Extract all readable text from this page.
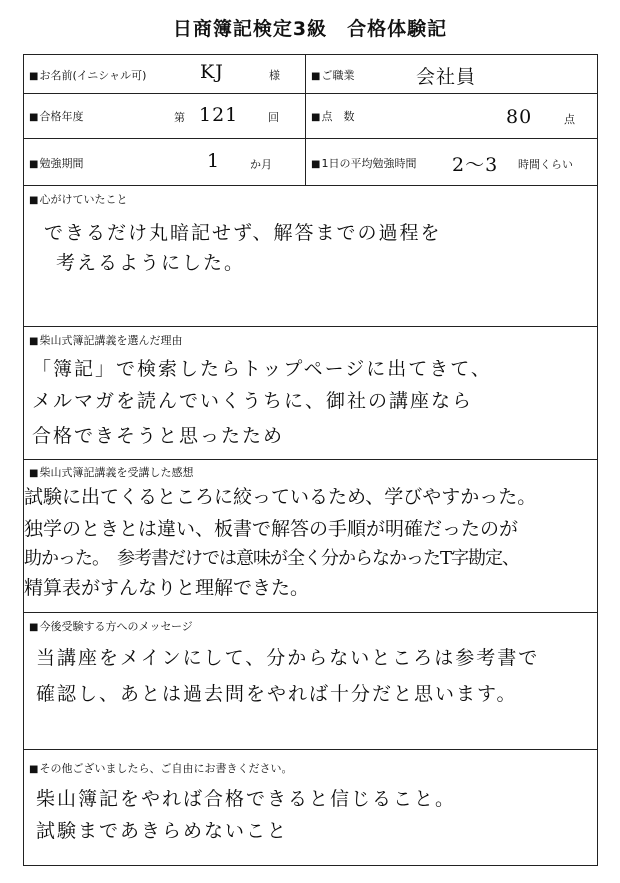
日商簿記検定3級　合格体験記
■ お名前(イニシャル可)	KJ	様	■ ご職業	会社員
■ 合格年度	第 121	回	■ 点　数	80	点
■ 勉強期間	1	か月	■ 1日の平均勉強時間 2～3 時間くらい
■ 心がけていたこと
できるだけ丸暗記せず、解答までの過程を
考えるようにした。
■ 柴山式簿記講義を選んだ理由
「簿記」で検索したらトップページに出てきて、
メルマガを読んでいくうちに、御社の講座なら
合格できそうと思ったため
■ 柴山式簿記講義を受講した感想
試験に出てくるところに絞っているため、学びやすかった。
独学のときとは違い、板書で解答の手順が明確だったのが
助かった。　参考書だけでは意味が全く分からなかったT字勘定、
精算表がすんなりと理解できた。
■ 今後受験する方へのメッセージ
当講座をメインにして、分からないところは参考書で
確認し、あとは過去問をやれば十分だと思います。
■ その他ございましたら、ご自由にお書きください。
柴山簿記をやれば合格できると信じること。
試験まであきらめないこと
